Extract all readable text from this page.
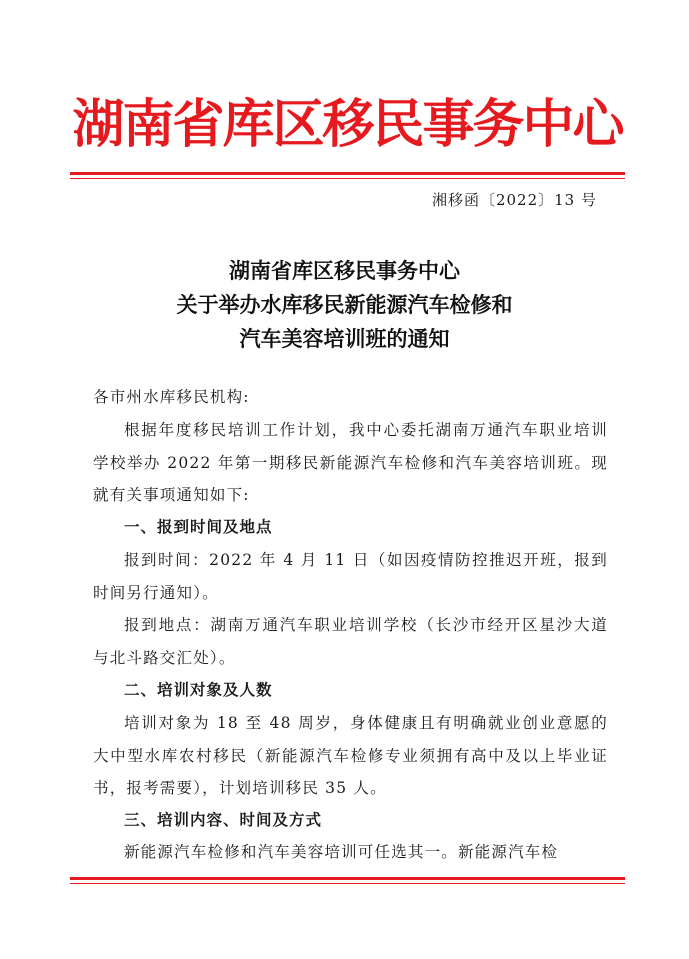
湖南省库区移民事务中心
湘移函〔2022〕13 号
湖南省库区移民事务中心
关于举办水库移民新能源汽车检修和
汽车美容培训班的通知
各市州水库移民机构:
根据年度移民培训工作计划，我中心委托湖南万通汽车职业培训学校举办 2022 年第一期移民新能源汽车检修和汽车美容培训班。现就有关事项通知如下:
一、报到时间及地点
报到时间：2022 年 4 月 11 日（如因疫情防控推迟开班，报到时间另行通知）。
报到地点：湖南万通汽车职业培训学校（长沙市经开区星沙大道与北斗路交汇处）。
二、培训对象及人数
培训对象为 18 至 48 周岁，身体健康且有明确就业创业意愿的大中型水库农村移民（新能源汽车检修专业须拥有高中及以上毕业证书，报考需要），计划培训移民 35 人。
三、培训内容、时间及方式
新能源汽车检修和汽车美容培训可任选其一。新能源汽车检
